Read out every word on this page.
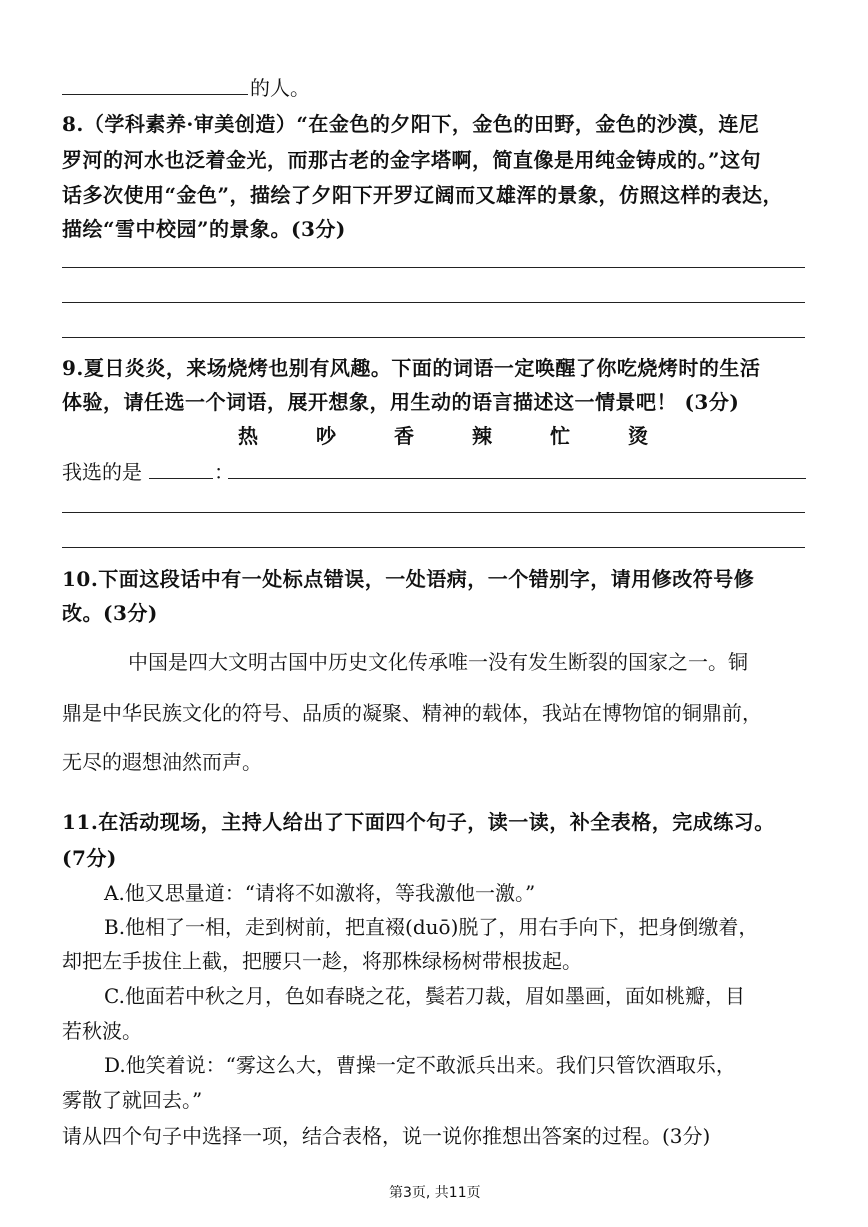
的人。
8.（学科素养·审美创造）“在金色的夕阳下，金色的田野，金色的沙漠，连尼
罗河的河水也泛着金光，而那古老的金字塔啊，简直像是用纯金铸成的。”这句
话多次使用“金色”，描绘了夕阳下开罗辽阔而又雄浑的景象，仿照这样的表达，
描绘“雪中校园”的景象。(3分)
9.夏日炎炎，来场烧烤也别有风趣。下面的词语一定唤醒了你吃烧烤时的生活
体验，请任选一个词语，展开想象，用生动的语言描述这一情景吧！ (3分)
热	吵	香	辣	忙	烫
我选的是	：
10.下面这段话中有一处标点错误，一处语病，一个错别字，请用修改符号修
改。(3分)
中国是四大文明古国中历史文化传承唯一没有发生断裂的国家之一。铜
鼎是中华民族文化的符号、品质的凝聚、精神的载体，我站在博物馆的铜鼎前，
无尽的遐想油然而声。
11.在活动现场，主持人给出了下面四个句子，读一读，补全表格，完成练习。
(7分)
A.他又思量道：“请将不如激将，等我激他一激。”
B.他相了一相，走到树前，把直裰(duō)脱了，用右手向下，把身倒缴着，
却把左手拔住上截，把腰只一趁，将那株绿杨树带根拔起。
C.他面若中秋之月，色如春晓之花，鬓若刀裁，眉如墨画，面如桃瓣，目
若秋波。
D.他笑着说：“雾这么大，曹操一定不敢派兵出来。我们只管饮酒取乐，
雾散了就回去。”
请从四个句子中选择一项，结合表格，说一说你推想出答案的过程。(3分)
第3页, 共11页
